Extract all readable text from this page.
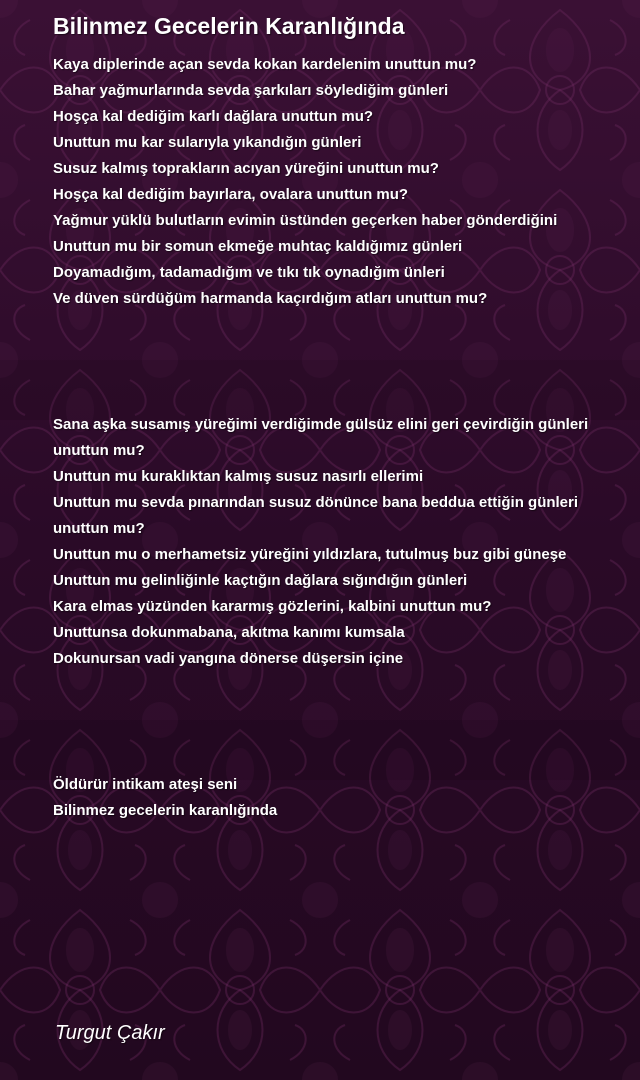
Bilinmez Gecelerin Karanlığında
Kaya diplerinde açan sevda kokan kardelenim unuttun mu?
Bahar yağmurlarında sevda şarkıları söylediğim günleri
Hoşça kal dediğim karlı dağlara unuttun mu?
Unuttun mu kar sularıyla yıkandığın günleri
Susuz kalmış toprakların acıyan yüreğini unuttun mu?
Hoşça kal dediğim bayırlara, ovalara unuttun mu?
Yağmur yüklü bulutların evimin üstünden geçerken haber gönderdiğini
Unuttun mu bir somun ekmeğe muhtaç kaldığımız günleri
Doyamadığım, tadamadığım ve tıkı tık oynadığım ünleri
Ve düven sürdüğüm harmanda kaçırdığım atları unuttun mu?
Sana aşka susamış yüreğimi verdiğimde gülsüz elini geri çevirdiğin günleri unuttun mu?
Unuttun mu kuraklıktan kalmış susuz nasırlı ellerimi
Unuttun mu sevda pınarından susuz dönünce bana beddua ettiğin günleri unuttun mu?
Unuttun mu o merhametsiz yüreğini yıldızlara, tutulmuş buz gibi güneşe
Unuttun mu gelinliğinle kaçtığın dağlara sığındığın günleri
Kara elmas yüzünden kararmış gözlerini, kalbini unuttun mu?
Unuttunsa dokunmabana, akıtma kanımı kumsala
Dokunursan vadi yangına dönerse düşersin içine
Öldürür intikam ateşi seni
Bilinmez gecelerin karanlığında

Turgut Çakır
